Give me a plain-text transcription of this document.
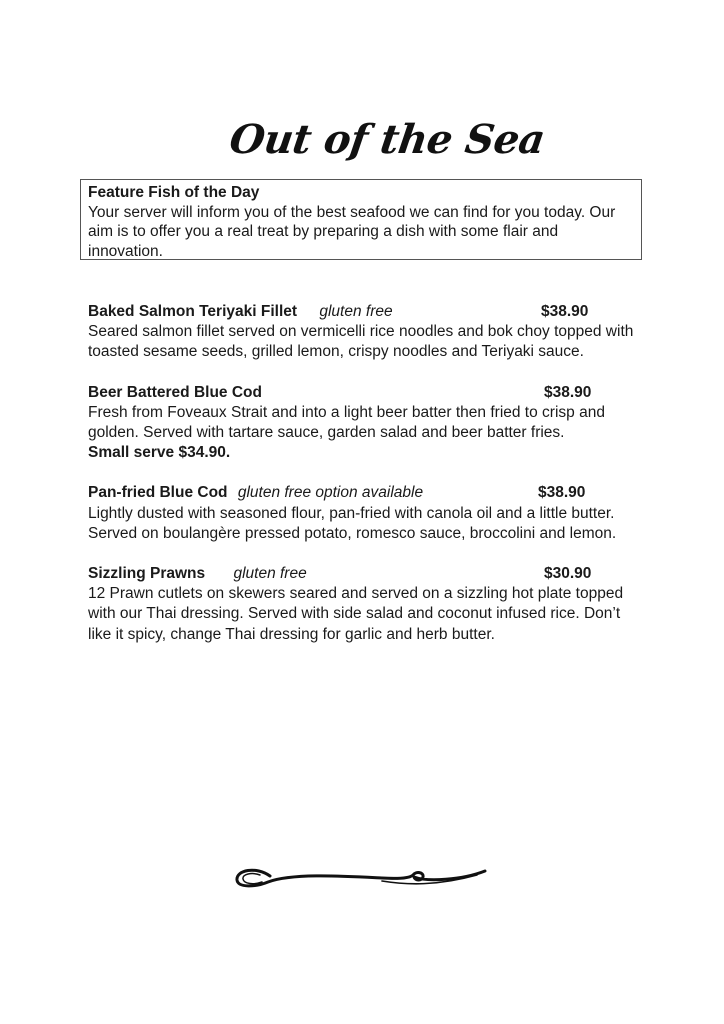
Out of the Sea
Feature Fish of the Day
Your server will inform you of the best seafood we can find for you today. Our aim is to offer you a real treat by preparing a dish with some flair and innovation.
Baked Salmon Teriyaki Fillet gluten free	$38.90
Seared salmon fillet served on vermicelli rice noodles and bok choy topped with toasted sesame seeds, grilled lemon, crispy noodles and Teriyaki sauce.
Beer Battered Blue Cod	$38.90
Fresh from Foveaux Strait and into a light beer batter then fried to crisp and golden. Served with tartare sauce, garden salad and beer batter fries.
Small serve $34.90.
Pan-fried Blue Cod gluten free option available	$38.90
Lightly dusted with seasoned flour, pan-fried with canola oil and a little butter. Served on boulangère pressed potato, romesco sauce, broccolini and lemon.
Sizzling Prawns gluten free	$30.90
12 Prawn cutlets on skewers seared and served on a sizzling hot plate topped with our Thai dressing. Served with side salad and coconut infused rice. Don’t like it spicy, change Thai dressing for garlic and herb butter.
